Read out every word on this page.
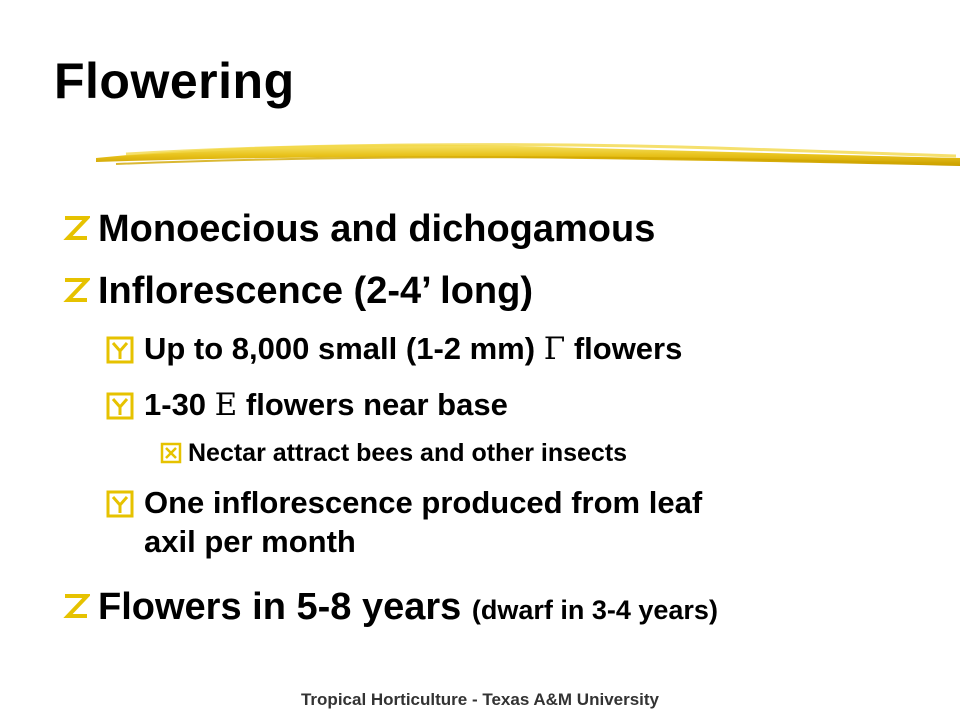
Flowering
Monoecious and dichogamous
Inflorescence (2-4’ long)
Up to 8,000 small (1-2 mm) Γ flowers
1-30 Ε flowers near base
Nectar attract bees and other insects
One inflorescence produced from leaf
axil per month
Flowers in 5-8 years (dwarf in 3-4 years)
Tropical Horticulture - Texas A&M University
